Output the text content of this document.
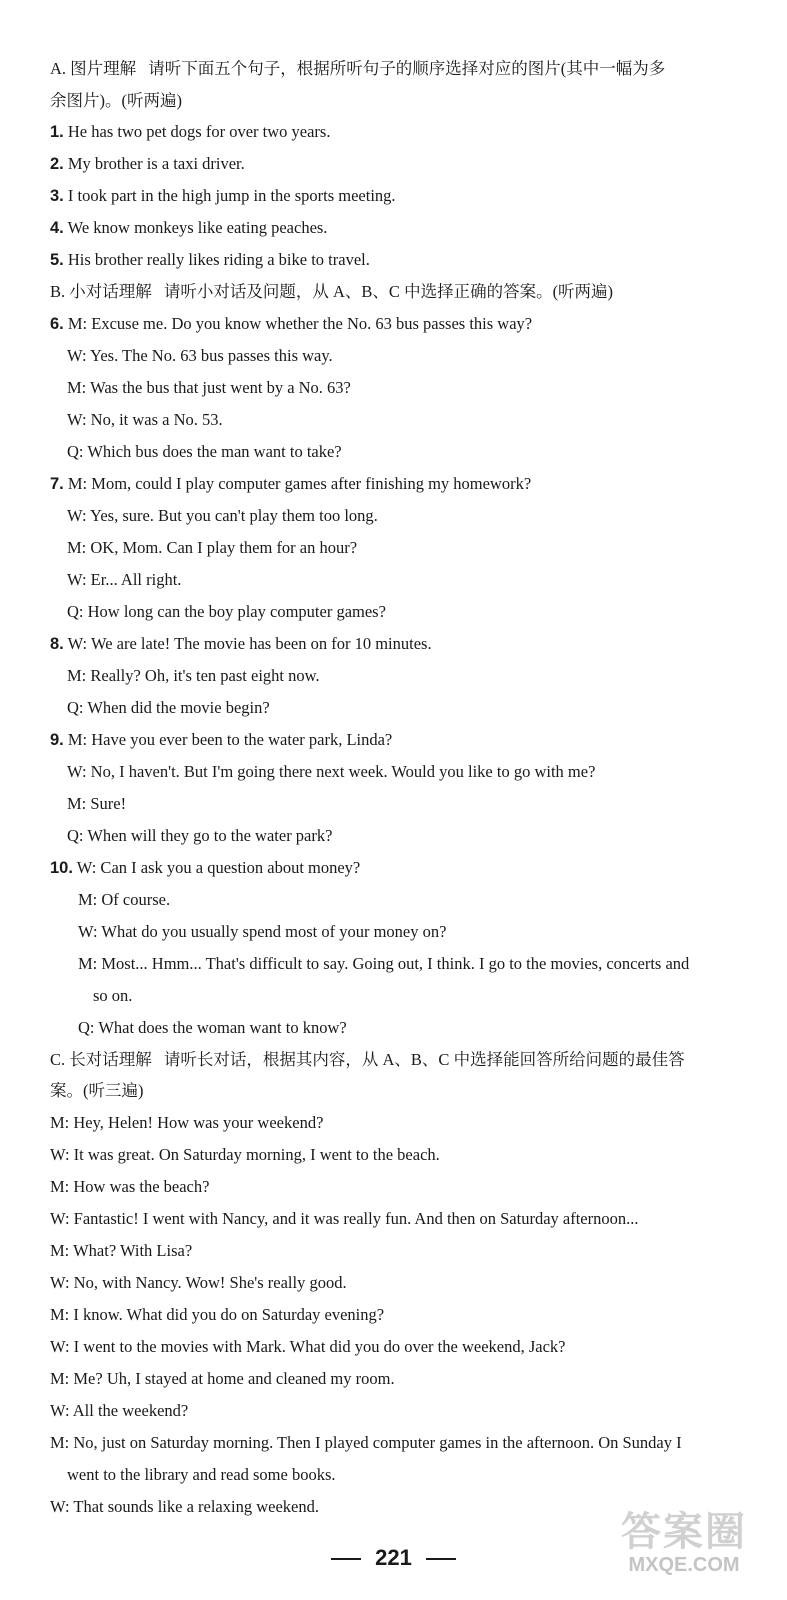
A. 图片理解 请听下面五个句子，根据所听句子的顺序选择对应的图片(其中一幅为多
余图片)。(听两遍)
1. He has two pet dogs for over two years.
2. My brother is a taxi driver.
3. I took part in the high jump in the sports meeting.
4. We know monkeys like eating peaches.
5. His brother really likes riding a bike to travel.
B. 小对话理解 请听小对话及问题，从 A、B、C 中选择正确的答案。(听两遍)
6. M: Excuse me. Do you know whether the No. 63 bus passes this way?
W: Yes. The No. 63 bus passes this way.
M: Was the bus that just went by a No. 63?
W: No, it was a No. 53.
Q: Which bus does the man want to take?
7. M: Mom, could I play computer games after finishing my homework?
W: Yes, sure. But you can't play them too long.
M: OK, Mom. Can I play them for an hour?
W: Er... All right.
Q: How long can the boy play computer games?
8. W: We are late! The movie has been on for 10 minutes.
M: Really? Oh, it's ten past eight now.
Q: When did the movie begin?
9. M: Have you ever been to the water park, Linda?
W: No, I haven't. But I'm going there next week. Would you like to go with me?
M: Sure!
Q: When will they go to the water park?
10. W: Can I ask you a question about money?
M: Of course.
W: What do you usually spend most of your money on?
M: Most... Hmm... That's difficult to say. Going out, I think. I go to the movies, concerts and
so on.
Q: What does the woman want to know?
C. 长对话理解 请听长对话，根据其内容，从 A、B、C 中选择能回答所给问题的最佳答
案。(听三遍)
M: Hey, Helen! How was your weekend?
W: It was great. On Saturday morning, I went to the beach.
M: How was the beach?
W: Fantastic! I went with Nancy, and it was really fun. And then on Saturday afternoon...
M: What? With Lisa?
W: No, with Nancy. Wow! She's really good.
M: I know. What did you do on Saturday evening?
W: I went to the movies with Mark. What did you do over the weekend, Jack?
M: Me? Uh, I stayed at home and cleaned my room.
W: All the weekend?
M: No, just on Saturday morning. Then I played computer games in the afternoon. On Sunday I
went to the library and read some books.
W: That sounds like a relaxing weekend.
221
答案圈
MXQE.COM
